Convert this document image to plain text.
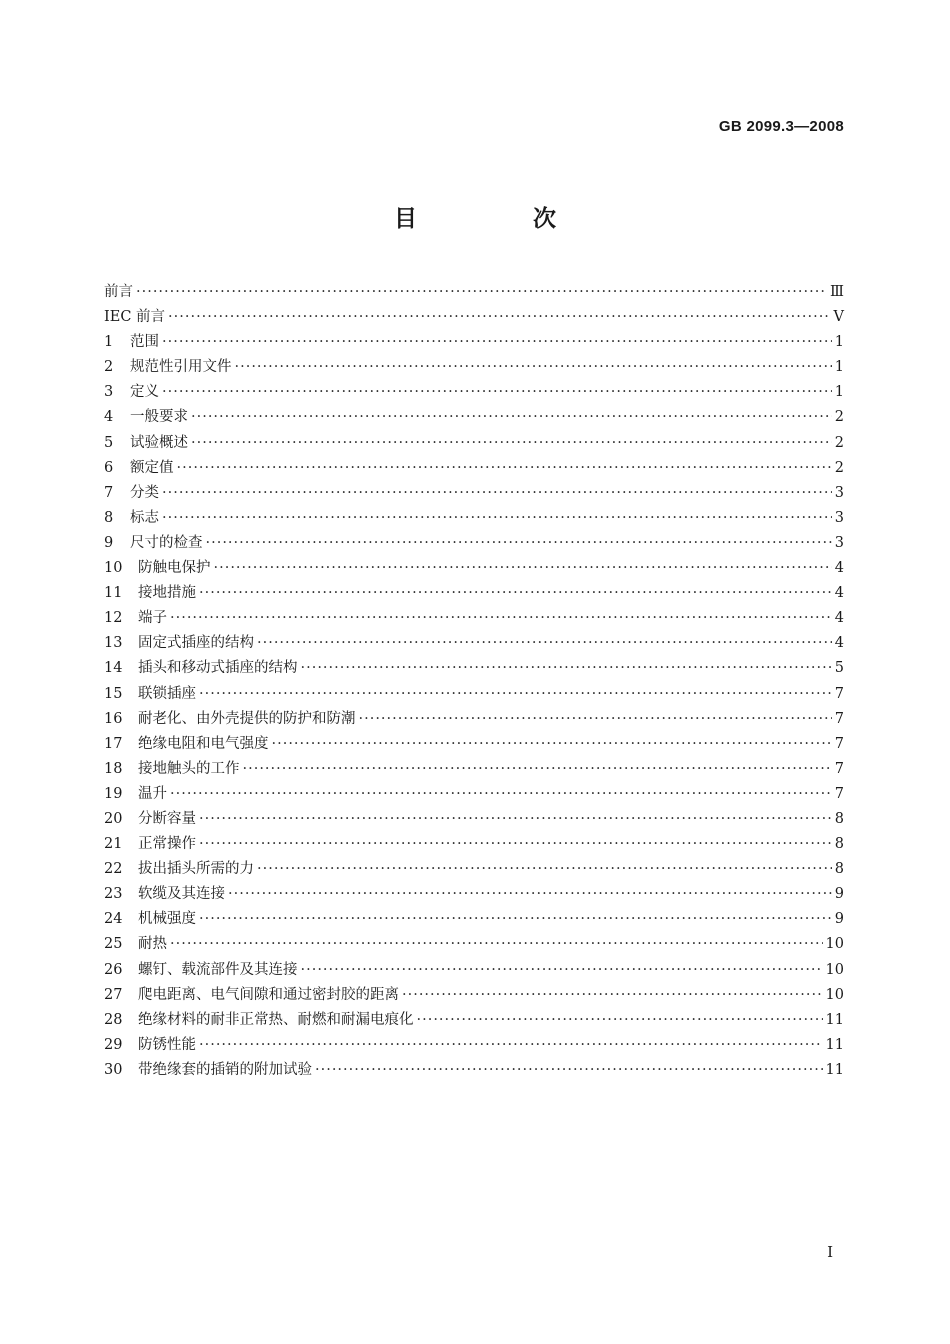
GB 2099.3—2008
目 次
前言 ·····	Ⅲ
IEC 前言 ·····	Ⅴ
1	范围 ·····	1
2	规范性引用文件 ·····	1
3	定义 ·····	1
4	一般要求 ·····	2
5	试验概述 ·····	2
6	额定值 ·····	2
7	分类 ·····	3
8	标志 ·····	3
9	尺寸的检查 ·····	3
10	防触电保护 ·····	4
11	接地措施 ·····	4
12	端子 ·····	4
13	固定式插座的结构 ·····	4
14	插头和移动式插座的结构 ·····	5
15	联锁插座 ·····	7
16	耐老化、由外壳提供的防护和防潮 ·····	7
17	绝缘电阻和电气强度 ·····	7
18	接地触头的工作 ·····	7
19	温升 ·····	7
20	分断容量 ·····	8
21	正常操作 ·····	8
22	拔出插头所需的力 ·····	8
23	软缆及其连接 ·····	9
24	机械强度 ·····	9
25	耐热 ·····	10
26	螺钉、载流部件及其连接 ·····	10
27	爬电距离、电气间隙和通过密封胶的距离 ·····	10
28	绝缘材料的耐非正常热、耐燃和耐漏电痕化 ·····	11
29	防锈性能 ·····	11
30	带绝缘套的插销的附加试验 ·····	11
I
